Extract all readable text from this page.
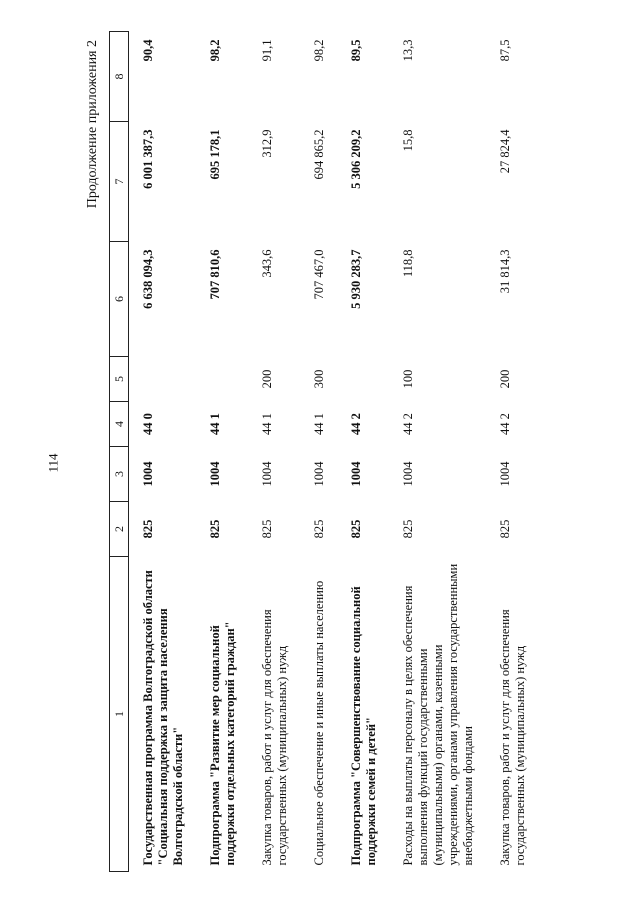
114
Продолжение приложения 2
1	2	3	4	5	6	7	8
Государственная программа Волгоградской области "Социальная поддержка и защита населения Волгоградской области"	825	1004	44 0		6 638 094,3	6 001 387,3	90,4
Подпрограмма "Развитие мер социальной поддержки отдельных категорий граждан"	825	1004	44 1		707 810,6	695 178,1	98,2
Закупка товаров, работ и услуг для обеспечения государственных (муниципальных) нужд	825	1004	44 1	200	343,6	312,9	91,1
Социальное обеспечение и иные выплаты населению	825	1004	44 1	300	707 467,0	694 865,2	98,2
Подпрограмма "Совершенствование социальной поддержки семей и детей"	825	1004	44 2		5 930 283,7	5 306 209,2	89,5
Расходы на выплаты персоналу в целях обеспечения выполнения функций государственными (муниципальными) органами, казенными учреждениями, органами управления государственными внебюджетными фондами	825	1004	44 2	100	118,8	15,8	13,3
Закупка товаров, работ и услуг для обеспечения государственных (муниципальных) нужд	825	1004	44 2	200	31 814,3	27 824,4	87,5
